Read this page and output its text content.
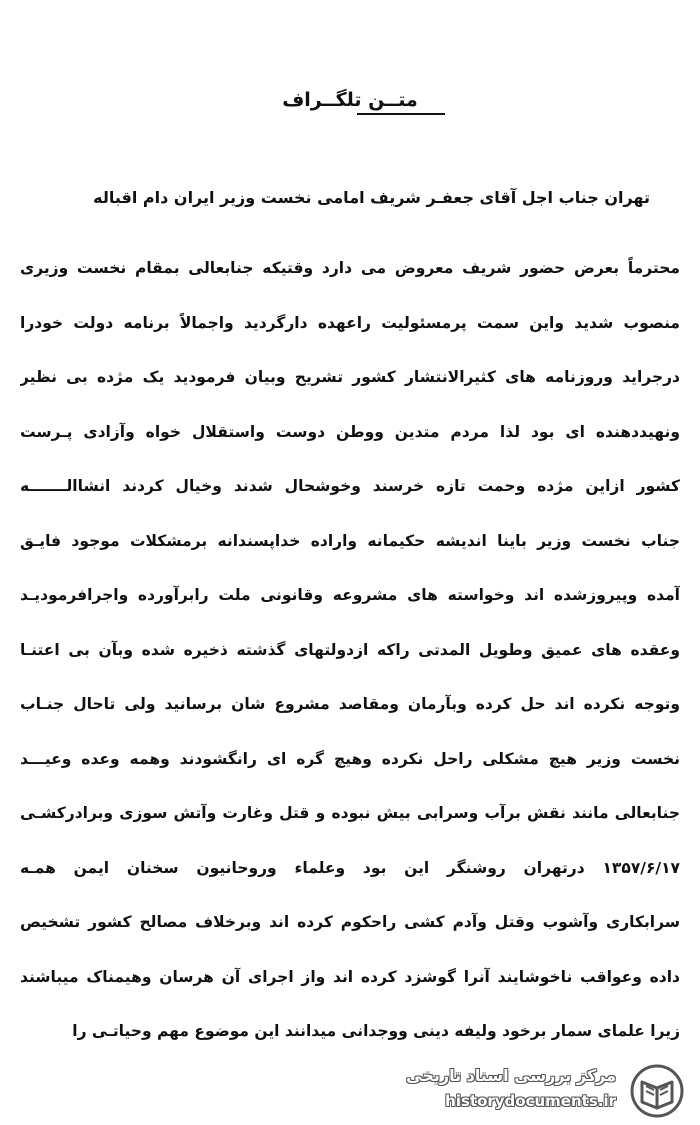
متــن تلگــراف
تهران جناب اجل آقای جعفـر شریف امامی نخست وزیر ایران دام اقباله
محترماً بعرض حضور شریف معروض می دارد وقتیکه جنابعالی بمقام نخست وزیری
منصوب شدید واین سمت پرمسئولیت راعهده دارگردید واجمالاً برنامه دولت خودرا
درجراید وروزنامه های کثیرالانتشار کشور تشریح وبیان فرمودید یک مژده بی نظیر
ونهیددهنده ای بود لذا مردم متدین ووطن دوست واستقلال خواه وآزادی پـرست
کشور ازاین مژده وحمت تازه خرسند وخوشحال شدند وخیال کردند انشاالـــــــه
جناب نخست وزیر باینا اندیشه حکیمانه واراده خداپسندانه برمشکلات موجود فایـق
آمده وپیروزشده اند وخواسته های مشروعه وقانونی ملت رابرآورده واجرافرمودیـد
وعقده های عمیق وطویل المدتی راکه ازدولتهای گذشته ذخیره شده وبآن بی اعتنـا
وتوجه نکرده اند حل کرده وبآرمان ومقاصد مشروع شان برسانید ولی تاحال جنـاب
نخست وزیر هیچ مشکلی راحل نکرده وهیچ گره ای رانگشودند وهمه وعده وعیـــد
جنابعالی مانند نقش برآب وسرابی بیش نبوده و قتل وغارت وآتش سوزی وبرادرکشـی
۱۳۵۷/۶/۱۷ درتهران روشنگر این بود وعلماء وروحانیون سخنان ایمن همـه
سرابکاری وآشوب وقتل وآدم کشی راحکوم کرده اند وبرخلاف مصالح کشور تشخیص
داده وعواقب ناخوشایند آنرا گوشزد کرده اند واز اجرای آن هرسان وهیمناک میباشند
زیرا علمای سمار برخود ولیفه دینی ووجدانی میدانند این موضوع مهم وحیاتـی را
مرکز بررسی اسناد تاریخی
historydocuments.ir
